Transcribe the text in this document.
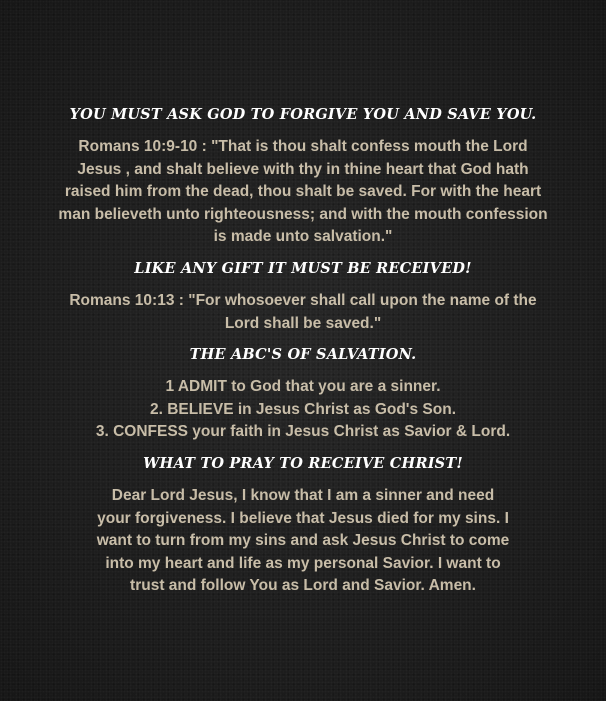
YOU MUST ASK GOD TO FORGIVE YOU AND SAVE YOU.
Romans 10:9-10 : "That is thou shalt confess mouth the Lord
Jesus , and shalt believe with thy in thine heart that God hath
raised him from the dead, thou shalt be saved. For with the heart
man believeth unto righteousness; and with the mouth confession
is made unto salvation."
LIKE ANY GIFT IT MUST BE RECEIVED!
Romans 10:13 : "For whosoever shall call upon the name of the
Lord shall be saved."
THE ABC'S OF SALVATION.
1 ADMIT to God that you are a sinner.
2. BELIEVE in Jesus Christ as God's Son.
3. CONFESS your faith in Jesus Christ as Savior & Lord.
WHAT TO PRAY TO RECEIVE CHRIST!
Dear Lord Jesus, I know that I am a sinner and need
your forgiveness. I believe that Jesus died for my sins. I
want to turn from my sins and ask Jesus Christ to come
into my heart and life as my personal Savior. I want to
trust and follow You as Lord and Savior. Amen.
